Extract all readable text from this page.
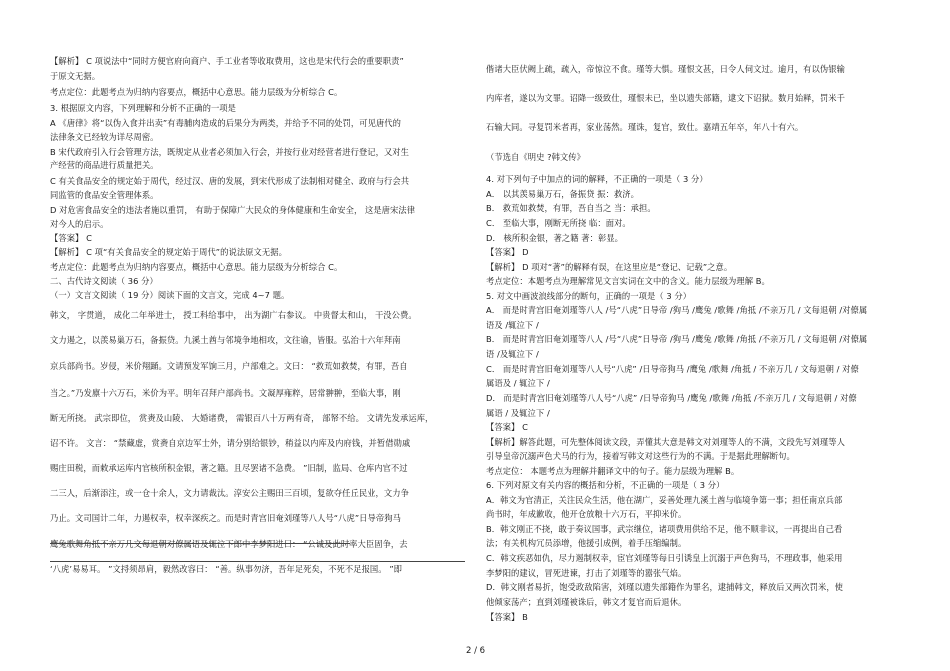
【解析】 C 项说法中“同时方便官府向商户、手工业者等收取费用，这也是宋代行会的重要职责”
于原文无据。
考点定位：此题考点为归纳内容要点，概括中心意思。能力层级为分析综合 C。
3. 根据原文内容，下列理解和分析不正确的一项是
A 《唐律》将“以伪入食并出卖”有毒脯肉造成的后果分为两类，并给予不同的处罚，可见唐代的
法律条文已经较为详尽周密。
B 宋代政府引入行会管理方法，既规定从业者必须加入行会，并按行业对经营者进行登记，又对生
产经营的商品进行质量把关。
C 有关食品安全的规定始于周代，经过汉、唐的发展，到宋代形成了法制相对健全、政府与行会共
同监管的食品安全管理体系。
D 对危害食品安全的违法者施以重罚， 有助于保障广大民众的身体健康和生命安全， 这是唐宋法律
对今人的启示。
【答案】 C
【解析】 C 项“有关食品安全的规定始于周代”的说法原文无据。
考点定位：此题考点为归纳内容要点，概括中心意思。能力层级为分析综合 C。
二、古代诗文阅读（ 36 分）
（一）文言文阅读（ 19 分）阅读下面的文言文，完成 4~7 题。
韩文， 字贯道， 成化二年举进士， 授工科给事中， 出为湖广右参议。 中贵督太和山， 干没公费。
文力遏之，以羡易巢万石，备振贷。九溪土酋与邻境争地相攻，文往谕，皆服。弘治十六年拜南
京兵部尚书。岁侵，米价翔踊。文请预发军饷三月，户部难之。文曰： “救荒如救焚，有罪，吾自
当之。”乃发廪十六万石，米价为平。明年召拜户部尚书。文凝厚雍粹，居常翀翀，至临大事，刚
断无所挠。 武宗即位， 赏赉及山陵、 大婚诸费， 需银百八十万两有奇， 部帑不给。 文请先发承运库，
诏不许。 文言： “禁藏虚，赏赉自京边军士外，请分别给银钞，稍益以内库及内府钱，并暂借勋戚
赐庄田税，而敕承运库内官核所积金银，著之籍。且尽罢诸不急费。 ”旧制，监局、仓库内官不过
二三人，后渐添注，或一仓十余人，文力请裁汰。淳安公主赐田三百顷，复欲夺任丘民业，文力争
乃止。文司国计二年，力遏权幸，权幸深疾之。而是时青宫旧奄刘瑾等八人号“八虎”日导帝狗马
鹰兔歌舞角抵不亲万几文每退朝对僚属语及辄泣下郎中李梦阳进曰： “公诚及此时率大臣固争，去
‘八虎’易易耳。 ”文捋须昂肩，毅然改容曰： “善。纵事勿济，吾年足死矣，不死不足报国。 ”即
偕诸大臣伏阙上疏，疏入，帝惊泣不食。瑾等大惧。瑾恨文甚，日令人伺文过。逾月，有以伪银输
内库者，遂以为文罪。诏降一级致仕，瑾恨未已，坐以遗失部籍，逮文下诏狱。数月始释，罚米千
石输大同。寻复罚米者再，家业荡然。瑾诛，复官，致仕。嘉靖五年卒，年八十有六。
（节选自《明史 ?韩文传》
4. 对下列句子中加点的词的解释，不正确的一项是（ 3 分）
A． 以其羡易巢万石，备振贷 振：救济。
B． 救荒如救焚，有罪，吾自当之 当：承担。
C． 至临大事，刚断无所挠 临：面对。
D． 核所积金银，著之籍 著：彰显。
【答案】 D
【解析】 D 项对“著”的解释有误，在这里应是“登记、记载”之意。
考点定位：本题考点为理解常见文言实词在文中的含义。能力层级为理解 B。
5. 对文中画波浪线部分的断句，正确的一项是（ 3 分）
A． 而是时青宫旧奄刘瑾等八人 /号“八虎”日导帝 /狗马 /鹰兔 /歌舞 /角抵 /不亲万几 / 文每退朝 /对僚属
语及 /辄泣下 /
B． 而是时青宫旧奄刘瑾等八人 /号“八虎”日导帝 /狗马 /鹰兔 /歌舞 /角抵 /不亲万几 / 文每退朝 /对僚属
语 /及辄泣下 /
C． 而是时青宫旧奄刘瑾等八人号“八虎” /日导帝狗马 /鹰兔 /歌舞 /角抵 / 不亲万几 / 文每退朝 / 对僚
属语及 / 辄泣下 /
D． 而是时青宫旧奄刘瑾等八人号“八虎” /日导帝狗马 /鹰兔 /歌舞 /角抵 /不亲万几 / 文每退朝 / 对僚
属语 / 及辄泣下 /
【答案】 C
【解析】解答此题，可先整体阅读文段，弄懂其大意是韩文对刘瑾等人的不满，文段先写刘瑾等人
引导皇帝沉溺声色犬马的行为，接着写韩文对这些行为的不满。于是据此理解断句。
考点定位： 本题考点为理解并翻译文中的句子。能力层级为理解 B。
6. 下列对原文有关内容的概括和分析，不正确的一项是（ 3 分）
A．韩文为官清正，关注民众生活，他在湖广，妥善处理九溪土酋与临境争第一事；担任南京兵部
尚书时，年成歉收，他开仓放粮十六万石，平抑米价。
B．韩文刚正不挠，敢于奏议国事，武宗继位，诸项费用供给不足，他不顺非议，一再提出自己看
法；有关机构冗员添增，他援引成例，着手压缩编制。
C．韩文疾恶如仇，尽力遏制权幸，宦官刘瑾等每日引诱皇上沉溺于声色狗马，不理政事，他采用
李梦阳的建议，冒死进谏，打击了刘瑾等的嚣张气焰。
D．韩文刚者易折，饱受政敌陷害，刘瑾以遗失部籍作为罪名，逮捕韩文，释放后又两次罚米，使
他倾家荡产；直到刘瑾被诛后，韩文才复官而后退休。
【答案】 B
2 / 6
